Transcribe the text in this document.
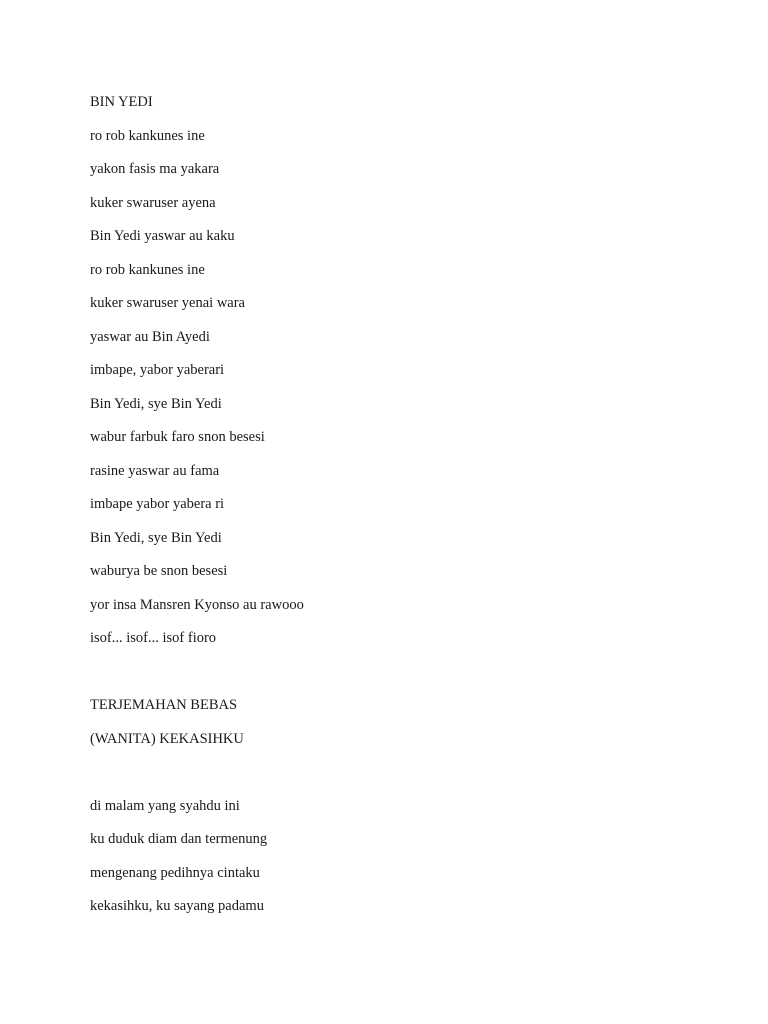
BIN YEDI
ro rob kankunes ine
yakon fasis ma yakara
kuker swaruser ayena
Bin Yedi yaswar au kaku
ro rob kankunes ine
kuker swaruser yenai wara
yaswar au Bin Ayedi
imbape, yabor yaberari
Bin Yedi, sye Bin Yedi
wabur farbuk faro snon besesi
rasine yaswar au fama
imbape yabor yabera ri
Bin Yedi, sye Bin Yedi
waburya be snon besesi
yor insa Mansren Kyonso au rawooo
isof... isof... isof fioro
TERJEMAHAN BEBAS
(WANITA) KEKASIHKU
di malam yang syahdu ini
ku duduk diam dan termenung
mengenang pedihnya cintaku
kekasihku, ku sayang padamu
